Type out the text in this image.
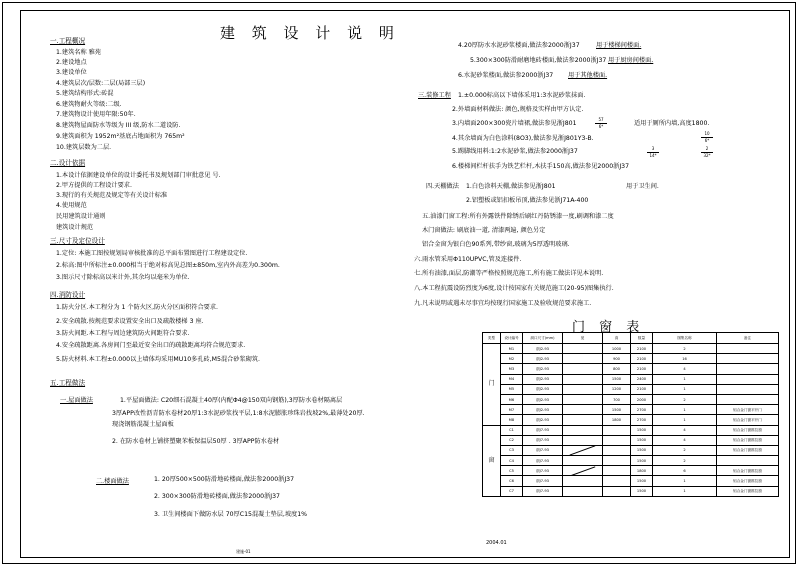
建 筑 设 计 说 明
一.工程概况
1.建筑名称 雅苑
2.建设地点
3.建设单位
4.建筑层次/层数:二层(局部三层)
5.建筑结构形式:砖混
6.建筑物耐火等级:二级.
7.建筑物设计使用年限:50年.
8.建筑物屋面防水等级为 III 级,防水二道设防.
9.建筑面积为 1952m²基底占地面积为 765m²
10.建筑层数为二层.
二.设计依据
1.本设计依据建设单位的设计委托书及规划部门审批意见 号.
2.甲方提供的工程设计要求.
3.现行的有关规范及规定等有关设计标准
4.使用规范
民用建筑设计通则
建筑设计规范
三.尺寸及定位设计
1.定位: 本施工图按规划局审核批准的总平面布置图进行工程建设定位.
2.标高:图中所标注±0.000相当于绝对标高见总图±850m,室内外高差为0.300m.
3.图示尺寸除标高以米计外,其余均以毫米为单位.
四.消防设计
1.防火分区.本工程分为 1 个防火区,防火分区面积符合要求.
2.安全疏散.按规范要求设置安全出口及疏散楼梯 3 座.
3.防火间距.本工程与周边建筑防火间距符合要求.
4.安全疏散距离.各房间门至最近安全出口的疏散距离均符合规范要求.
5.防火材料.本工程±0.000以上墙体均采用MU10多孔砖,M5混合砂浆砌筑.
五.工程做法
一.屋面做法	1.平屋面做法: C20细石混凝土40厚(内配Φ4@150双向钢筋),3厚防水卷材隔离层
3厚APP改性沥青防水卷材20厚1:3水泥砂浆找平层,1:8水泥膨胀珍珠岩找坡2%,最薄处20厚.
现浇钢筋混凝土屋面板
2. 在防水卷材上铺挤塑聚苯板保温层50厚 . 3厚APP防水卷材
二.楼面做法	1. 20厚500×500防滑地砖楼面,做法参2000浙J37
2. 300×300防滑地砖楼面,做法参2000浙J37
3. 卫生间楼面下做防水层 70厚C15混凝土垫层,坡度1%
4.20厚防水水泥砂浆楼面,做法参2000浙J37	用于楼梯间楼面.
5.300×300防滑耐磨地砖楼面,做法参2000浙J37 用于厨房间楼面.
6.水泥砂浆楼面,做法参2000浙J37 用于其他楼面.
三.装修工程 1.±0.000标高以下墙体采用1:3水泥砂浆抹面.
2.外墙面材料做法: 颜色,规格及实样由甲方认定.
3.内墙面200×300瓷片墙裙,做法参见浙J801	适用于厕所内墙,高度1800.
4.其余墙面为白色涂料(8O3),做法参见浙J801Y3-B.
5.踢脚线用料:1:2水泥砂浆,做法参2000浙J37
6.楼梯间栏杆扶手为铁艺栏杆,木扶手150高,做法参见2000浙J37
57
6*
10
6*
3
14*
2
32*
四.天棚做法 1.白色涂料天棚,做法参见浙J801	用于卫生间.
2.铝塑板或铝扣板吊顶,做法参见浙J71A-400
五.油漆门窗工程:所有外露铁件除锈后刷红丹防锈漆一度,刷调和漆二度
木门窗做法: 刷底油一道, 清漆两遍, 颜色另定
铝合金窗为银白色90系列,带纱窗,玻璃为5厚透明玻璃.
六.雨水管采用Φ110UPVC,管及连接件.
七.所有油漆,面层,防潮等严格按照规范施工,所有施工做法详见本说明.
八.本工程抗震设防烈度为6度,设计按国家有关规范施工(20-95)图集执行.
九.凡未说明或遇未尽事宜均按现行国家施工及验收规范要求施工.
门 窗 表
类型	设计编号	洞口尺寸(mm)	宽	高	数量	图集名称	备注
门	M1	浙J2-93		1000	2100	2	
	M2	浙J2-93		900	2100	16	
	M3	浙J2-93		800	2100	4	
	M4	浙J2-93		1500	2400	1	
	M5	浙J2-93		1200	2100	1	
	M6	浙J2-93		700	2000	2	
	M7	浙J2-93		1500	2700	1	铝合金门窗平开门
	M8	浙J2-93		1800	2700	1	铝合金门窗平开门
窗	C1	浙J7-93			1500	4	铝合金门窗推拉窗
	C2	浙J7-93			1500	4	铝合金门窗推拉窗
	C3	浙J7-93			1500	2	铝合金门窗推拉窗
	C4	浙J7-93			1500	2	
	C5	浙J7-93			1800	6	铝合金门窗推拉窗
	C6	浙J7-93			1500	1	铝合金门窗推拉窗
	C7	浙J7-93			1500	1	铝合金门窗推拉窗
2004.01
建施-01
